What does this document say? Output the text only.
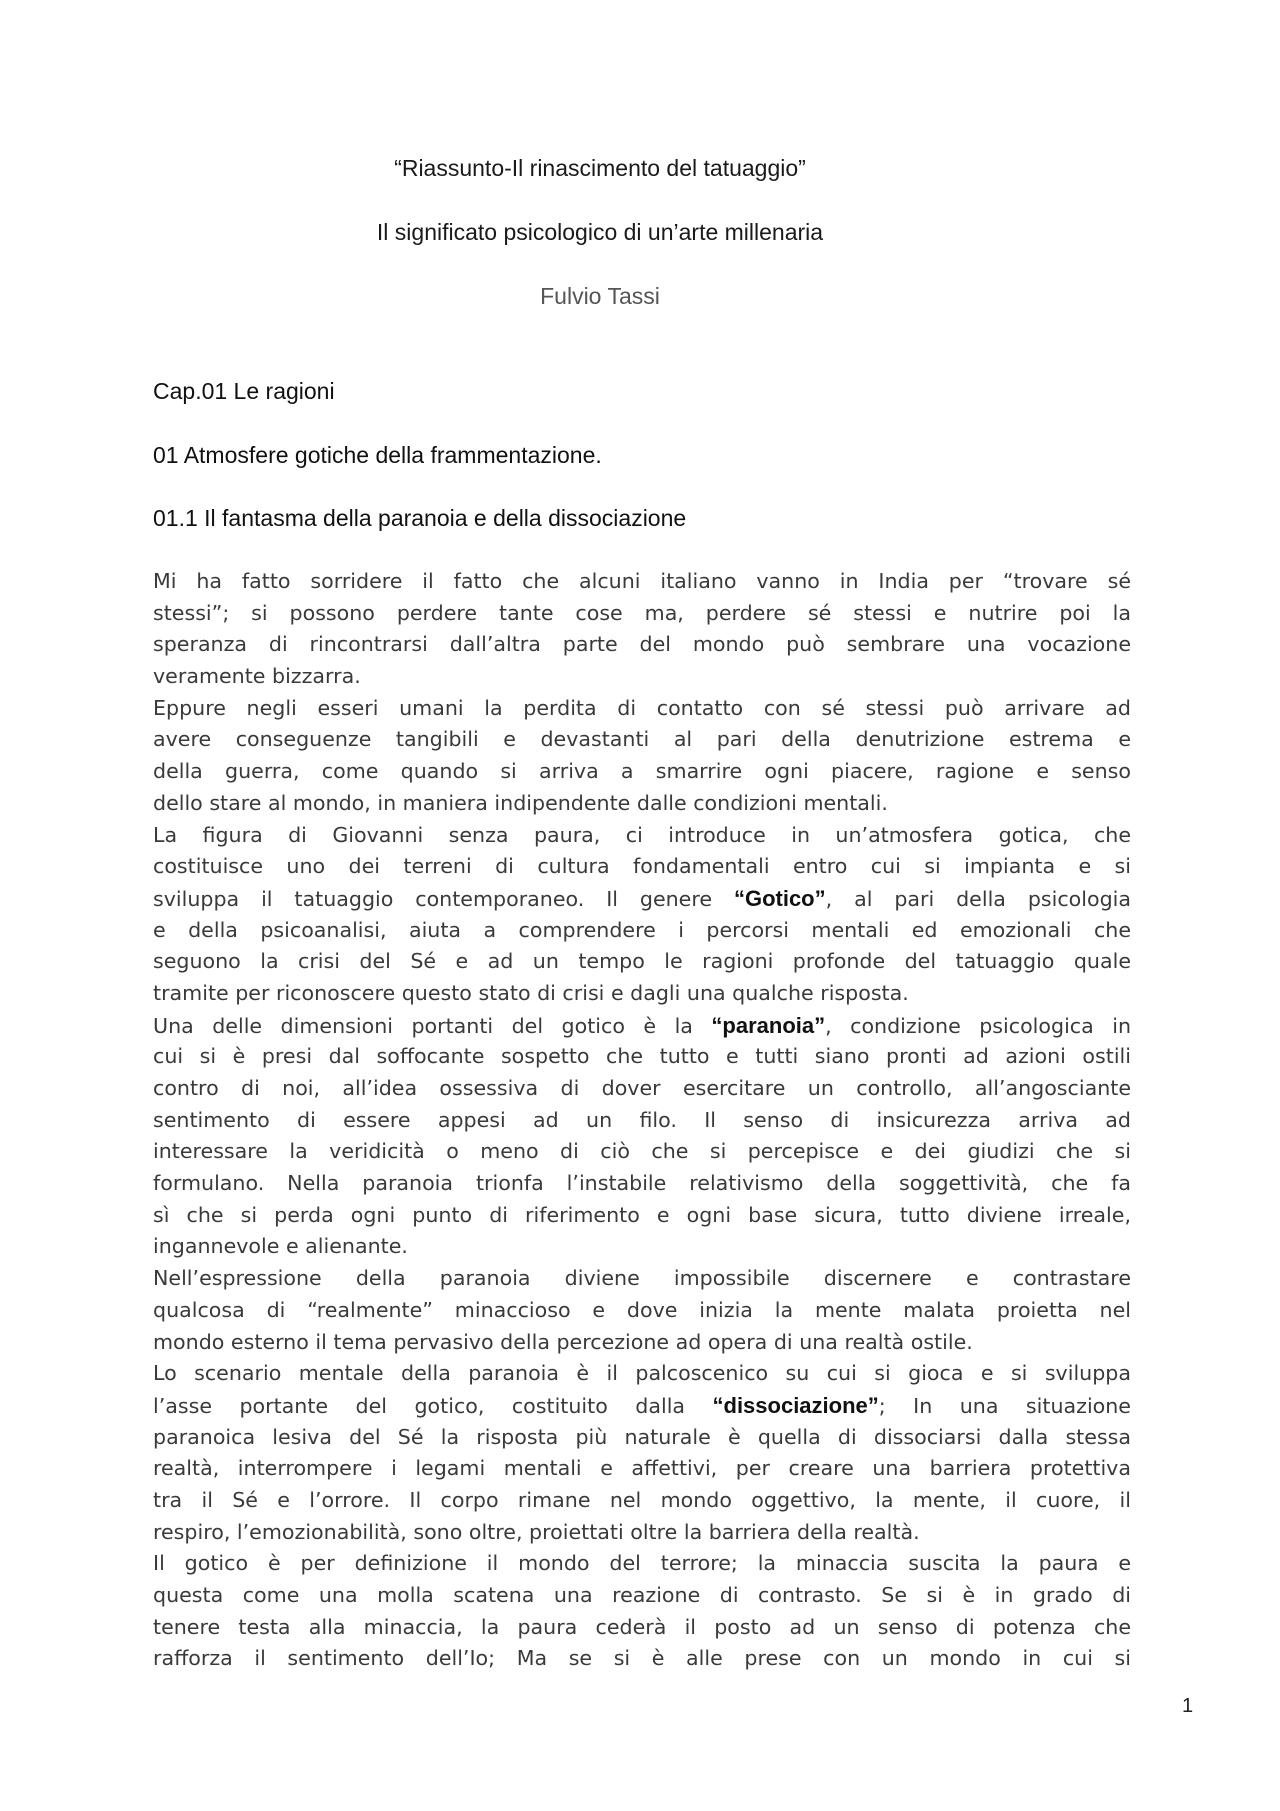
“Riassunto-Il rinascimento del tatuaggio”
Il significato psicologico di un’arte millenaria
Fulvio Tassi
Cap.01 Le ragioni
01 Atmosfere gotiche della frammentazione.
01.1 Il fantasma della paranoia e della dissociazione
Mi ha fatto sorridere il fatto che alcuni italiano vanno in India per “trovare sé
stessi”; si possono perdere tante cose ma, perdere sé stessi e nutrire poi la
speranza di rincontrarsi dall’altra parte del mondo può sembrare una vocazione
veramente bizzarra.
Eppure negli esseri umani la perdita di contatto con sé stessi può arrivare ad
avere conseguenze tangibili e devastanti al pari della denutrizione estrema e
della guerra, come quando si arriva a smarrire ogni piacere, ragione e senso
dello stare al mondo, in maniera indipendente dalle condizioni mentali.
La figura di Giovanni senza paura, ci introduce in un’atmosfera gotica, che
costituisce uno dei terreni di cultura fondamentali entro cui si impianta e si
sviluppa il tatuaggio contemporaneo. Il genere “Gotico”, al pari della psicologia
e della psicoanalisi, aiuta a comprendere i percorsi mentali ed emozionali che
seguono la crisi del Sé e ad un tempo le ragioni profonde del tatuaggio quale
tramite per riconoscere questo stato di crisi e dagli una qualche risposta.
Una delle dimensioni portanti del gotico è la “paranoia”, condizione psicologica in
cui si è presi dal soffocante sospetto che tutto e tutti siano pronti ad azioni ostili
contro di noi, all’idea ossessiva di dover esercitare un controllo, all’angosciante
sentimento di essere appesi ad un filo. Il senso di insicurezza arriva ad
interessare la veridicità o meno di ciò che si percepisce e dei giudizi che si
formulano. Nella paranoia trionfa l’instabile relativismo della soggettività, che fa
sì che si perda ogni punto di riferimento e ogni base sicura, tutto diviene irreale,
ingannevole e alienante.
Nell’espressione della paranoia diviene impossibile discernere e contrastare
qualcosa di “realmente” minaccioso e dove inizia la mente malata proietta nel
mondo esterno il tema pervasivo della percezione ad opera di una realtà ostile.
Lo scenario mentale della paranoia è il palcoscenico su cui si gioca e si sviluppa
l’asse portante del gotico, costituito dalla “dissociazione”; In una situazione
paranoica lesiva del Sé la risposta più naturale è quella di dissociarsi dalla stessa
realtà, interrompere i legami mentali e affettivi, per creare una barriera protettiva
tra il Sé e l’orrore. Il corpo rimane nel mondo oggettivo, la mente, il cuore, il
respiro, l’emozionabilità, sono oltre, proiettati oltre la barriera della realtà.
Il gotico è per definizione il mondo del terrore; la minaccia suscita la paura e
questa come una molla scatena una reazione di contrasto. Se si è in grado di
tenere testa alla minaccia, la paura cederà il posto ad un senso di potenza che
rafforza il sentimento dell’Io; Ma se si è alle prese con un mondo in cui si
1
